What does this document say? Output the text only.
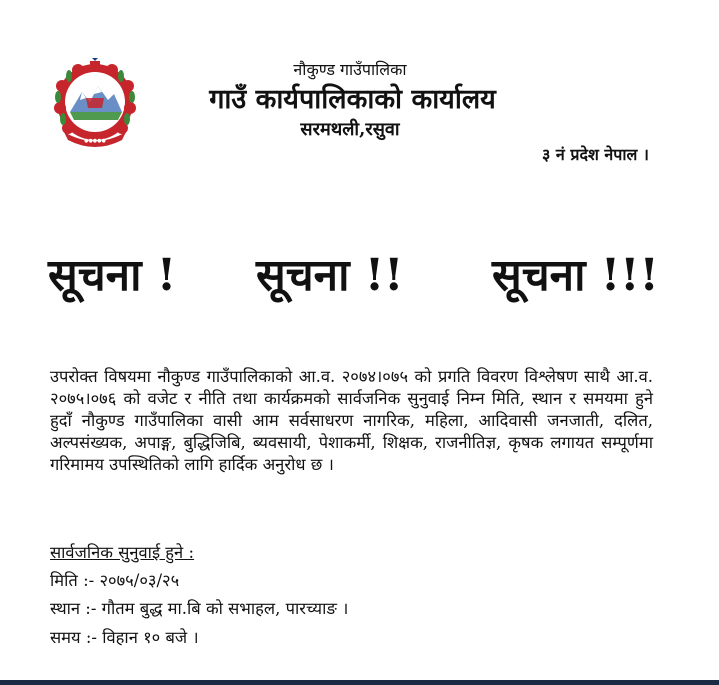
●●●●●
नौकुण्ड गाउँपालिका
गाउँ कार्यपालिकाको कार्यालय
सरमथली,रसुवा
३ नं प्रदेश नेपाल ।
सूचना ! सूचना !! सूचना !!!
उपरोक्त विषयमा नौकुण्ड गाउँपालिकाको आ.व. २०७४।०७५ को प्रगति विवरण विश्लेषण साथै आ.व. २०७५।०७६ को वजेट र नीति तथा कार्यक्रमको सार्वजनिक सुनुवाई निम्न मिति, स्थान र समयमा हुने हुदाँ नौकुण्ड गाउँपालिका वासी आम सर्वसाधरण नागरिक, महिला, आदिवासी जनजाती, दलित, अल्पसंख्यक, अपाङ्ग, बुद्धिजिबि, ब्यवसायी, पेशाकर्मी, शिक्षक, राजनीतिज्ञ, कृषक लगायत सम्पूर्णमा गरिमामय उपस्थितिको लागि हार्दिक अनुरोध छ ।
सार्वजनिक सुनुवाई हुने :
मिति :- २०७५/०३/२५
स्थान :- गौतम बुद्ध मा.बि को सभाहल, पारच्याङ ।
समय :- विहान १० बजे ।
